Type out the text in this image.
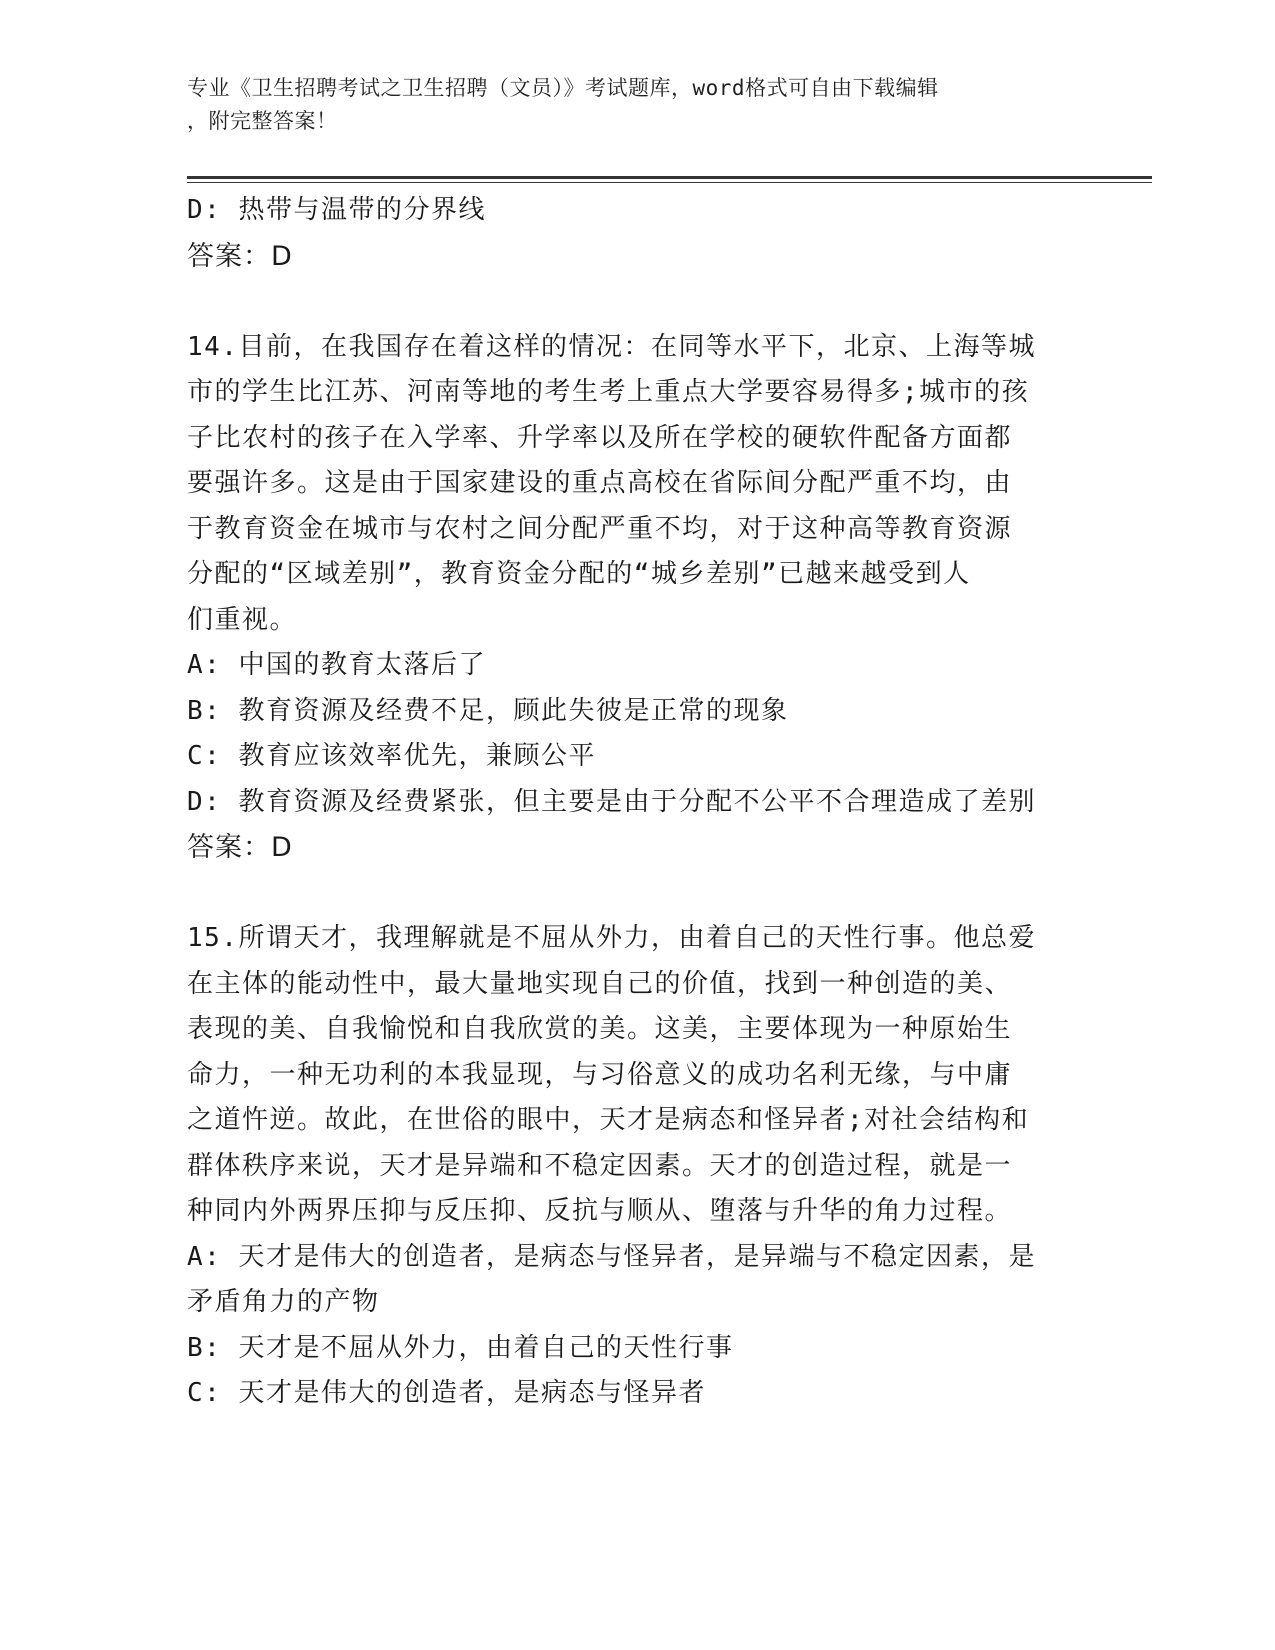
专业《卫生招聘考试之卫生招聘（文员）》考试题库，word格式可自由下载编辑
，附完整答案！
D: 热带与温带的分界线
答案：D
14.目前，在我国存在着这样的情况：在同等水平下，北京、上海等城
市的学生比江苏、河南等地的考生考上重点大学要容易得多;城市的孩
子比农村的孩子在入学率、升学率以及所在学校的硬软件配备方面都
要强许多。这是由于国家建设的重点高校在省际间分配严重不均，由
于教育资金在城市与农村之间分配严重不均，对于这种高等教育资源
分配的“区域差别”，教育资金分配的“城乡差别”已越来越受到人
们重视。
A: 中国的教育太落后了
B: 教育资源及经费不足，顾此失彼是正常的现象
C: 教育应该效率优先，兼顾公平
D: 教育资源及经费紧张，但主要是由于分配不公平不合理造成了差别
答案：D
15.所谓天才，我理解就是不屈从外力，由着自己的天性行事。他总爱
在主体的能动性中，最大量地实现自己的价值，找到一种创造的美、
表现的美、自我愉悦和自我欣赏的美。这美，主要体现为一种原始生
命力，一种无功利的本我显现，与习俗意义的成功名利无缘，与中庸
之道忤逆。故此，在世俗的眼中，天才是病态和怪异者;对社会结构和
群体秩序来说，天才是异端和不稳定因素。天才的创造过程，就是一
种同内外两界压抑与反压抑、反抗与顺从、堕落与升华的角力过程。
A: 天才是伟大的创造者，是病态与怪异者，是异端与不稳定因素，是
矛盾角力的产物
B: 天才是不屈从外力，由着自己的天性行事
C: 天才是伟大的创造者，是病态与怪异者
